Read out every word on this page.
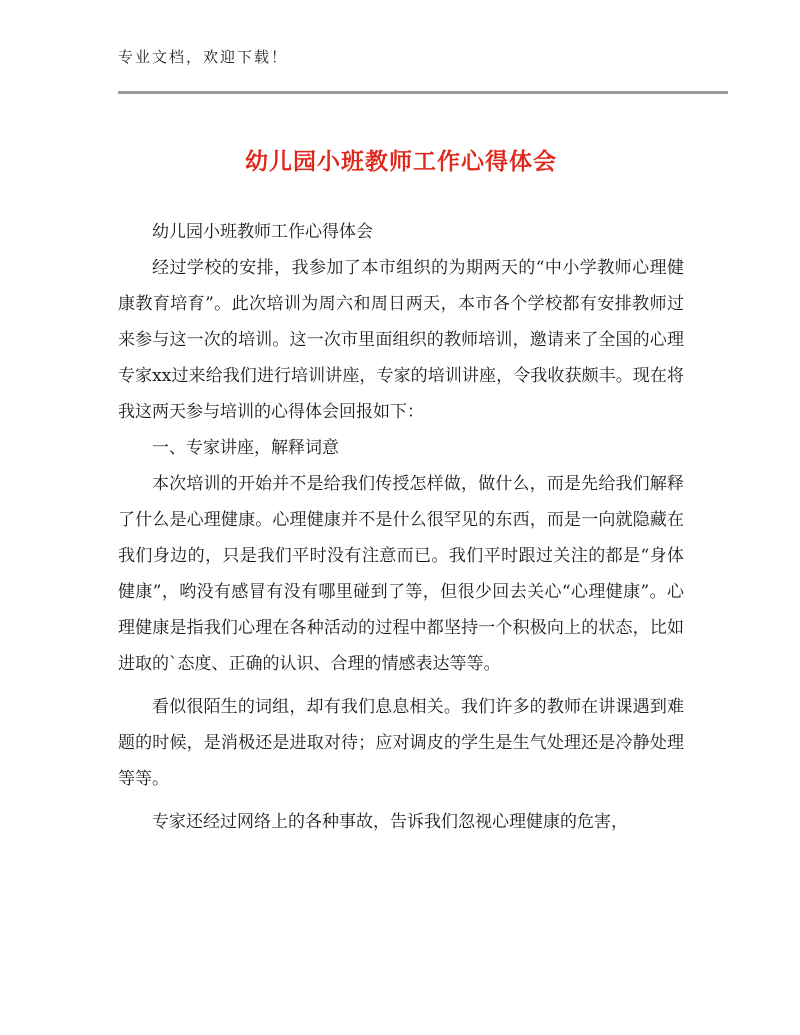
专业文档，欢迎下载！
幼儿园小班教师工作心得体会

幼儿园小班教师工作心得体会

经过学校的安排，我参加了本市组织的为期两天的“中小学教师心理健康教育培育”。此次培训为周六和周日两天，本市各个学校都有安排教师过来参与这一次的培训。这一次市里面组织的教师培训，邀请来了全国的心理专家xx过来给我们进行培训讲座，专家的培训讲座，令我收获颇丰。现在将我这两天参与培训的心得体会回报如下：

一、专家讲座，解释词意

本次培训的开始并不是给我们传授怎样做，做什么，而是先给我们解释了什么是心理健康。心理健康并不是什么很罕见的东西，而是一向就隐藏在我们身边的，只是我们平时没有注意而已。我们平时跟过关注的都是“身体健康”，哟没有感冒有没有哪里碰到了等，但很少回去关心“心理健康”。心理健康是指我们心理在各种活动的过程中都坚持一个积极向上的状态，比如进取的`态度、正确的认识、合理的情感表达等等。

看似很陌生的词组，却有我们息息相关。我们许多的教师在讲课遇到难题的时候，是消极还是进取对待；应对调皮的学生是生气处理还是冷静处理等等。

专家还经过网络上的各种事故，告诉我们忽视心理健康的危害，
